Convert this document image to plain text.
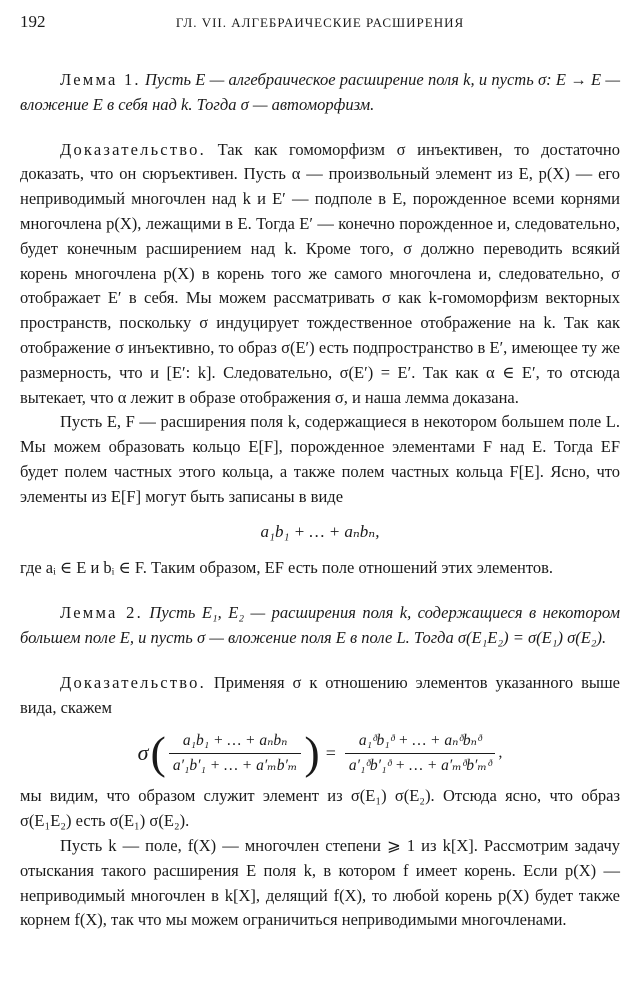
192	ГЛ. VII. АЛГЕБРАИЧЕСКИЕ РАСШИРЕНИЯ

Лемма 1. Пусть E — алгебраическое расширение поля k, и пусть σ: E → E — вложение E в себя над k. Тогда σ — автоморфизм.

Доказательство. Так как гомоморфизм σ инъективен, то достаточно доказать, что он сюръективен. Пусть α — произвольный элемент из E, p(X) — его неприводимый многочлен над k и E′ — подполе в E, порожденное всеми корнями многочлена p(X), лежащими в E. Тогда E′ — конечно порожденное и, следовательно, будет конечным расширением над k. Кроме того, σ должно переводить всякий корень многочлена p(X) в корень того же самого многочлена и, следовательно, σ отображает E′ в себя. Мы можем рассматривать σ как k-гомоморфизм векторных пространств, поскольку σ индуцирует тождественное отображение на k. Так как отображение σ инъективно, то образ σ(E′) есть подпространство в E′, имеющее ту же размерность, что и [E′: k]. Следовательно, σ(E′) = E′. Так как α ∈ E′, то отсюда вытекает, что α лежит в образе отображения σ, и наша лемма доказана.

Пусть E, F — расширения поля k, содержащиеся в некотором большем поле L. Мы можем образовать кольцо E[F], порожденное элементами F над E. Тогда EF будет полем частных этого кольца, а также полем частных кольца F[E]. Ясно, что элементы из E[F] могут быть записаны в виде

a₁b₁ + … + aₙbₙ,

где aᵢ ∈ E и bᵢ ∈ F. Таким образом, EF есть поле отношений этих элементов.

Лемма 2. Пусть E₁, E₂ — расширения поля k, содержащиеся в некотором большем поле E, и пусть σ — вложение поля E в поле L. Тогда σ(E₁E₂) = σ(E₁) σ(E₂).

Доказательство. Применяя σ к отношению элементов указанного выше вида, скажем

σ ( $\frac{\text{a₁b₁ + … + aₙbₙ}}{\text{a′₁b′₁ + … + a′ₘb′ₘ}}$ ) = $\frac{\text{a₁ᶞb₁ᶞ + … + aₙᶞbₙᶞ}}{\text{a′₁ᶞb′₁ᶞ + … + a′ₘᶞb′ₘᶞ}}$ ,

мы видим, что образом служит элемент из σ(E₁) σ(E₂). Отсюда ясно, что образ σ(E₁E₂) есть σ(E₁) σ(E₂).

Пусть k — поле, f(X) — многочлен степени ⩾ 1 из k[X]. Рассмотрим задачу отыскания такого расширения E поля k, в котором f имеет корень. Если p(X) — неприводимый многочлен в k[X], делящий f(X), то любой корень p(X) будет также корнем f(X), так что мы можем ограничиться неприводимыми многочленами.
